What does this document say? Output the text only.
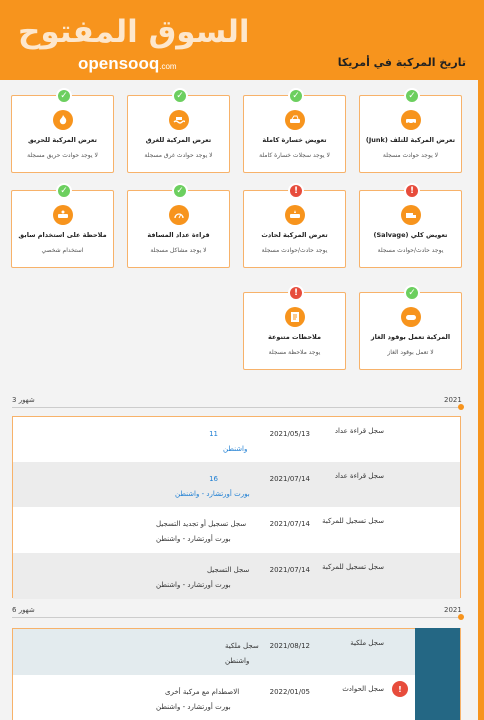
السوق المفتوح
opensooq.com	تاريخ المركبة في أمريكا
✓
تعرض المركبة للتلف (Junk)
لا يوجد حوادث مسجلة
✓
تعويض خسارة كاملة
لا يوجد سجلات خسارة كاملة
✓
تعرض المركبة للغرق
لا يوجد حوادث غرق مسجلة
✓
تعرض المركبة للحريق
لا يوجد حوادث حريق مسجلة
!
تعويض كلي (Salvage)
يوجد حادث/حوادث مسجلة
!
تعرض المركبة لحادث
يوجد حادث/حوادث مسجلة
✓
قراءة عداد المسافة
لا يوجد مشاكل مسجلة
✓
ملاحظة على استخدام سابق
استخدام شخصي
✓
المركبة تعمل بوقود الغاز
لا تعمل بوقود الغاز
!
ملاحظات متنوعة
يوجد ملاحظة مسجلة
2021
3 شهور
سجل قراءة عداد
2021/05/13
11
واشنطن
سجل قراءة عداد
2021/07/14
16
بورت أورتشارد - واشنطن
سجل تسجيل للمركبة
2021/07/14
سجل تسجيل أو تجديد التسجيل
بورت أورتشارد - واشنطن
سجل تسجيل للمركبة
2021/07/14
سجل التسجيل
بورت أورتشارد - واشنطن
2021
6 شهور
سجل ملكية
2021/08/12
سجل ملكية
واشنطن
!
سجل الحوادث
2022/01/05
الاصطدام مع مركبة أخرى
بورت أورتشارد - واشنطن
